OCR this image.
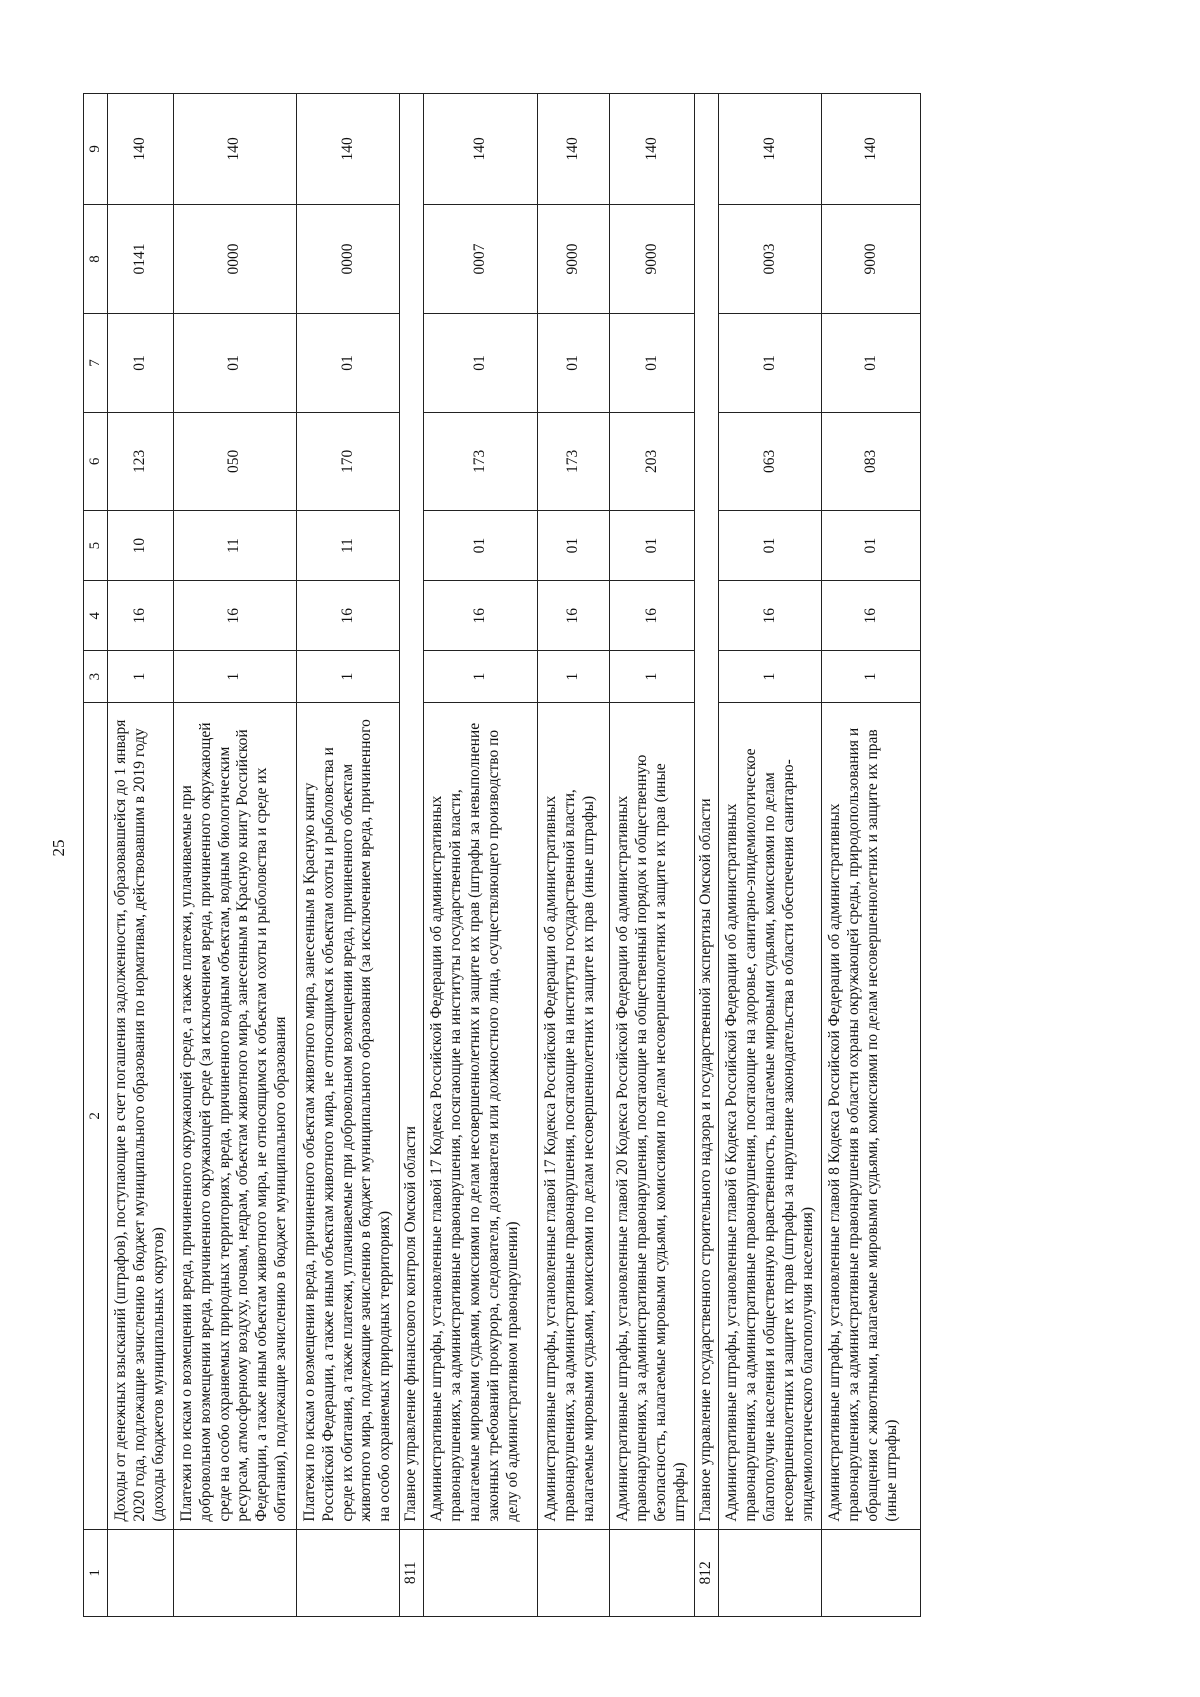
25
1	2	3	4	5	6	7	8	9
	Доходы от денежных взысканий (штрафов), поступающие в счет погашения задолженности, образовавшейся до 1 января 2020 года, подлежащие зачислению в бюджет муниципального образования по нормативам, действовавшим в 2019 году (доходы бюджетов муниципальных округов)	1	16	10	123	01	0141	140
	Платежи по искам о возмещении вреда, причиненного окружающей среде, а также платежи, уплачиваемые при добровольном возмещении вреда, причиненного окружающей среде (за исключением вреда, причиненного окружающей среде на особо охраняемых природных территориях, вреда, причиненного водным объектам, водным биологическим ресурсам, атмосферному воздуху, почвам, недрам, объектам животного мира, занесенным в Красную книгу Российской Федерации, а также иным объектам животного мира, не относящимся к объектам охоты и рыболовства и среде их обитания), подлежащие зачислению в бюджет муниципального образования	1	16	11	050	01	0000	140
	Платежи по искам о возмещении вреда, причиненного объектам животного мира, занесенным в Красную книгу Российской Федерации, а также иным объектам животного мира, не относящимся к объектам охоты и рыболовства и среде их обитания, а также платежи, уплачиваемые при добровольном возмещении вреда, причиненного объектам животного мира, подлежащие зачислению в бюджет муниципального образования (за исключением вреда, причиненного на особо охраняемых природных территориях)	1	16	11	170	01	0000	140
811	Главное управление финансового контроля Омской области							
	Административные штрафы, установленные главой 17 Кодекса Российской Федерации об административных правонарушениях, за административные правонарушения, посягающие на институты государственной власти, налагаемые мировыми судьями, комиссиями по делам несовершеннолетних и защите их прав (штрафы за невыполнение законных требований прокурора, следователя, дознавателя или должностного лица, осуществляющего производство по делу об административном правонарушении)	1	16	01	173	01	0007	140
	Административные штрафы, установленные главой 17 Кодекса Российской Федерации об административных правонарушениях, за административные правонарушения, посягающие на институты государственной власти, налагаемые мировыми судьями, комиссиями по делам несовершеннолетних и защите их прав (иные штрафы)	1	16	01	173	01	9000	140
	Административные штрафы, установленные главой 20 Кодекса Российской Федерации об административных правонарушениях, за административные правонарушения, посягающие на общественный порядок и общественную безопасность, налагаемые мировыми судьями, комиссиями по делам несовершеннолетних и защите их прав (иные штрафы)	1	16	01	203	01	9000	140
812	Главное управление государственного строительного надзора и государственной экспертизы Омской области							
	Административные штрафы, установленные главой 6 Кодекса Российской Федерации об административных правонарушениях, за административные правонарушения, посягающие на здоровье, санитарно-эпидемиологическое благополучие населения и общественную нравственность, налагаемые мировыми судьями, комиссиями по делам несовершеннолетних и защите их прав (штрафы за нарушение законодательства в области обеспечения санитарно-эпидемиологического благополучия населения)	1	16	01	063	01	0003	140
	Административные штрафы, установленные главой 8 Кодекса Российской Федерации об административных правонарушениях, за административные правонарушения в области охраны окружающей среды, природопользования и обращения с животными, налагаемые мировыми судьями, комиссиями по делам несовершеннолетних и защите их прав (иные штрафы)	1	16	01	083	01	9000	140
